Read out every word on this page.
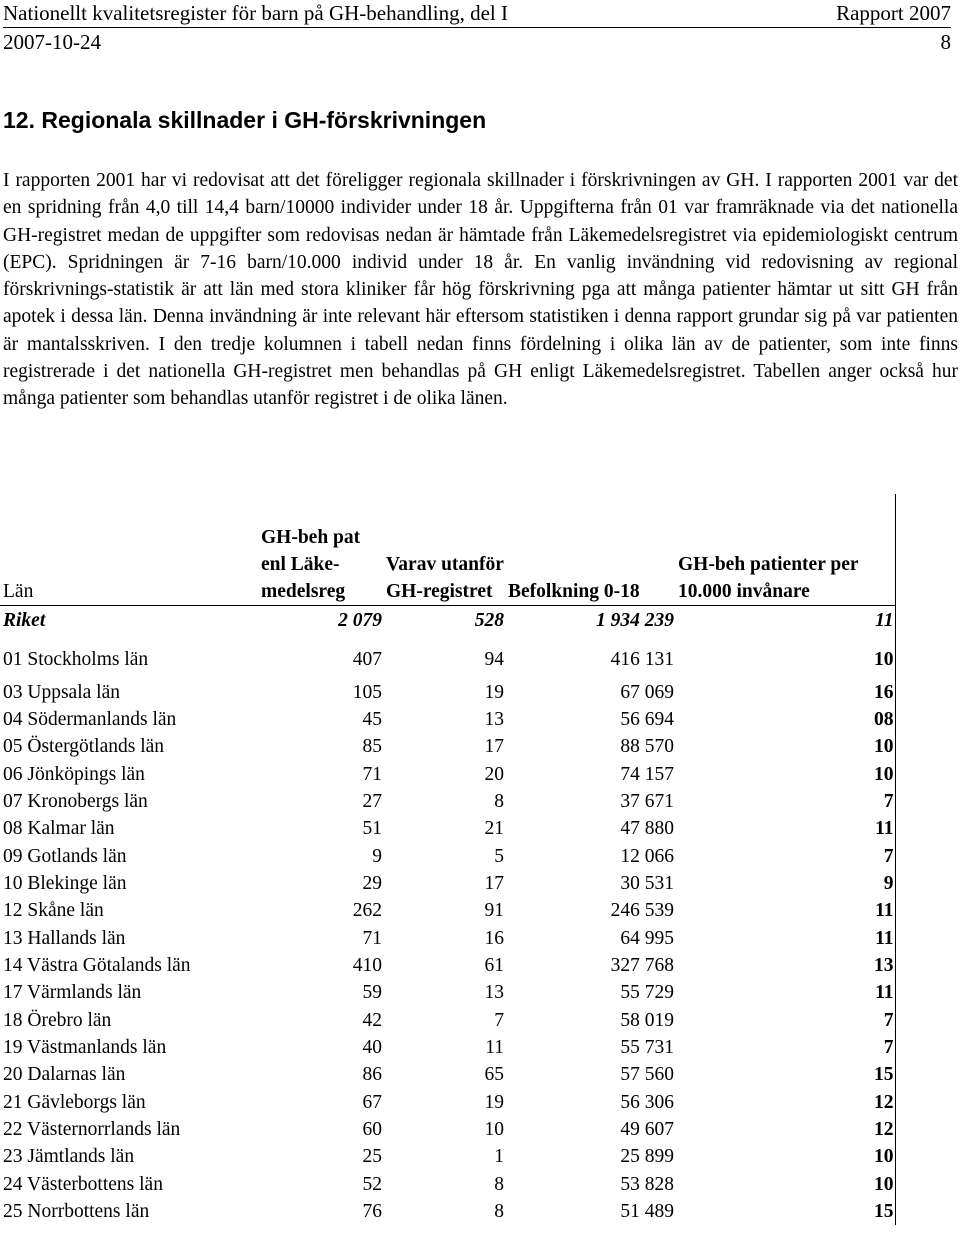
Nationellt kvalitetsregister för barn på GH-behandling, del I	Rapport 2007
2007-10-24	8
12. Regionala skillnader i GH-förskrivningen

I rapporten 2001 har vi redovisat att det föreligger regionala skillnader i förskrivningen av GH. I rapporten 2001 var det en spridning från 4,0 till 14,4 barn/10000 individer under 18 år. Uppgifterna från 01 var framräknade via det nationella GH-registret medan de uppgifter som redovisas nedan är hämtade från Läkemedelsregistret via epidemiologiskt centrum (EPC). Spridningen är 7-16 barn/10.000 individ under 18 år. En vanlig invändning vid redovisning av regional förskrivnings-statistik är att län med stora kliniker får hög förskrivning pga att många patienter hämtar ut sitt GH från apotek i dessa län. Denna invändning är inte relevant här eftersom statistiken i denna rapport grundar sig på var patienten är mantalsskriven. I den tredje kolumnen i tabell nedan finns fördelning i olika län av de patienter, som inte finns registrerade i det nationella GH-registret men behandlas på GH enligt Läkemedelsregistret. Tabellen anger också hur många patienter som behandlas utanför registret i de olika länen.

Län	GH-beh pat enl Läke-medelsreg	Varav utanför GH-registret	Befolkning 0-18	GH-beh patienter per 10.000 invånare
Riket	2 079	528	1 934 239	11

01 Stockholms län	407	94	416 131	10

03 Uppsala län	105	19	67 069	16
04 Södermanlands län	45	13	56 694	08
05 Östergötlands län	85	17	88 570	10
06 Jönköpings län	71	20	74 157	10
07 Kronobergs län	27	8	37 671	7
08 Kalmar län	51	21	47 880	11
09 Gotlands län	9	5	12 066	7
10 Blekinge län	29	17	30 531	9
12 Skåne län	262	91	246 539	11
13 Hallands län	71	16	64 995	11
14 Västra Götalands län	410	61	327 768	13
17 Värmlands län	59	13	55 729	11
18 Örebro län	42	7	58 019	7
19 Västmanlands län	40	11	55 731	7
20 Dalarnas län	86	65	57 560	15
21 Gävleborgs län	67	19	56 306	12
22 Västernorrlands län	60	10	49 607	12
23 Jämtlands län	25	1	25 899	10
24 Västerbottens län	52	8	53 828	10
25 Norrbottens län	76	8	51 489	15
